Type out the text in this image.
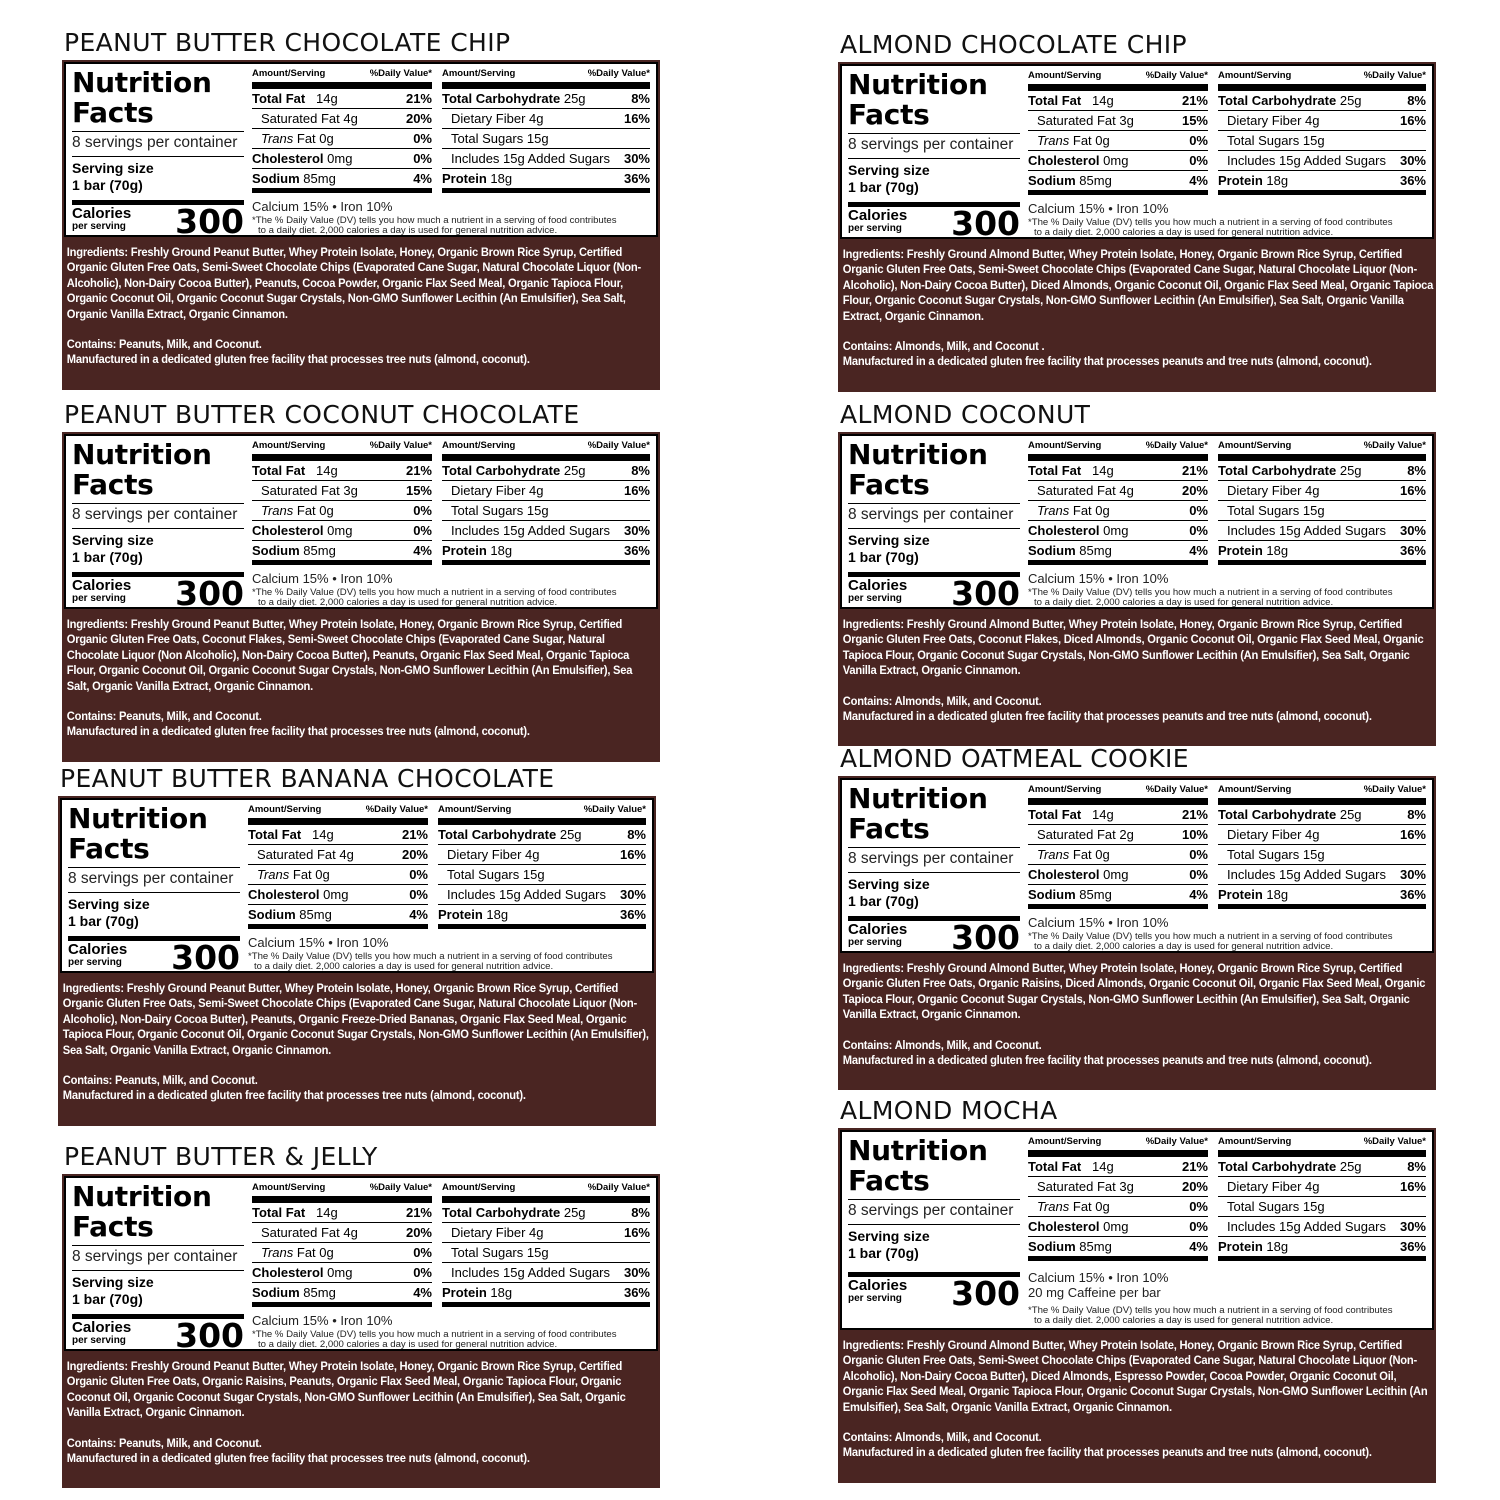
PEANUT BUTTER CHOCOLATE CHIP
Nutrition
Facts
8 servings per container
Serving size
1 bar (70g)
Calories
per serving	300
Amount/Serving	%Daily Value*
Total Fat 14g	21%
Saturated Fat 4g	20%
Trans Fat 0g	0%
Cholesterol 0mg	0%
Sodium 85mg	4%
Amount/Serving	%Daily Value*
Total Carbohydrate 25g	8%
Dietary Fiber 4g	16%
Total Sugars 15g
Includes 15g Added Sugars 30%
Protein 18g	36%
Calcium 15% • Iron 10%
*The % Daily Value (DV) tells you how much a nutrient in a serving of food contributes
to a daily diet. 2,000 calories a day is used for general nutrition advice.
Ingredients: Freshly Ground Peanut Butter, Whey Protein Isolate, Honey, Organic Brown Rice Syrup, Certified Organic Gluten Free Oats, Semi-Sweet Chocolate Chips (Evaporated Cane Sugar, Natural Chocolate Liquor (Non-Alcoholic), Non-Dairy Cocoa Butter), Peanuts, Cocoa Powder, Organic Flax Seed Meal, Organic Tapioca Flour, Organic Coconut Oil, Organic Coconut Sugar Crystals, Non-GMO Sunflower Lecithin (An Emulsifier), Sea Salt, Organic Vanilla Extract, Organic Cinnamon.
Contains: Peanuts, Milk, and Coconut.
Manufactured in a dedicated gluten free facility that processes tree nuts (almond, coconut).
ALMOND CHOCOLATE CHIP
Nutrition
Facts
8 servings per container
Serving size
1 bar (70g)
Calories
per serving	300
Amount/Serving	%Daily Value*
Total Fat 14g	21%
Saturated Fat 3g	15%
Trans Fat 0g	0%
Cholesterol 0mg	0%
Sodium 85mg	4%
Amount/Serving	%Daily Value*
Total Carbohydrate 25g	8%
Dietary Fiber 4g	16%
Total Sugars 15g
Includes 15g Added Sugars 30%
Protein 18g	36%
Calcium 15% • Iron 10%
*The % Daily Value (DV) tells you how much a nutrient in a serving of food contributes
to a daily diet. 2,000 calories a day is used for general nutrition advice.
Ingredients: Freshly Ground Almond Butter, Whey Protein Isolate, Honey, Organic Brown Rice Syrup, Certified Organic Gluten Free Oats, Semi-Sweet Chocolate Chips (Evaporated Cane Sugar, Natural Chocolate Liquor (Non-Alcoholic), Non-Dairy Cocoa Butter), Diced Almonds, Organic Coconut Oil, Organic Flax Seed Meal, Organic Tapioca Flour, Organic Coconut Sugar Crystals, Non-GMO Sunflower Lecithin (An Emulsifier), Sea Salt, Organic Vanilla Extract, Organic Cinnamon.
Contains: Almonds, Milk, and Coconut .
Manufactured in a dedicated gluten free facility that processes peanuts and tree nuts (almond, coconut).
PEANUT BUTTER COCONUT CHOCOLATE
Nutrition
Facts
8 servings per container
Serving size
1 bar (70g)
Calories
per serving	300
Amount/Serving	%Daily Value*
Total Fat 14g	21%
Saturated Fat 3g	15%
Trans Fat 0g	0%
Cholesterol 0mg	0%
Sodium 85mg	4%
Amount/Serving	%Daily Value*
Total Carbohydrate 25g	8%
Dietary Fiber 4g	16%
Total Sugars 15g
Includes 15g Added Sugars 30%
Protein 18g	36%
Calcium 15% • Iron 10%
*The % Daily Value (DV) tells you how much a nutrient in a serving of food contributes
to a daily diet. 2,000 calories a day is used for general nutrition advice.
Ingredients: Freshly Ground Peanut Butter, Whey Protein Isolate, Honey, Organic Brown Rice Syrup, Certified Organic Gluten Free Oats, Coconut Flakes, Semi-Sweet Chocolate Chips (Evaporated Cane Sugar, Natural Chocolate Liquor (Non Alcoholic), Non-Dairy Cocoa Butter), Peanuts, Organic Flax Seed Meal, Organic Tapioca Flour, Organic Coconut Oil, Organic Coconut Sugar Crystals, Non-GMO Sunflower Lecithin (An Emulsifier), Sea Salt, Organic Vanilla Extract, Organic Cinnamon.
Contains: Peanuts, Milk, and Coconut.
Manufactured in a dedicated gluten free facility that processes tree nuts (almond, coconut).
ALMOND COCONUT
Nutrition
Facts
8 servings per container
Serving size
1 bar (70g)
Calories
per serving	300
Amount/Serving	%Daily Value*
Total Fat 14g	21%
Saturated Fat 4g	20%
Trans Fat 0g	0%
Cholesterol 0mg	0%
Sodium 85mg	4%
Amount/Serving	%Daily Value*
Total Carbohydrate 25g	8%
Dietary Fiber 4g	16%
Total Sugars 15g
Includes 15g Added Sugars 30%
Protein 18g	36%
Calcium 15% • Iron 10%
*The % Daily Value (DV) tells you how much a nutrient in a serving of food contributes
to a daily diet. 2,000 calories a day is used for general nutrition advice.
Ingredients: Freshly Ground Almond Butter, Whey Protein Isolate, Honey, Organic Brown Rice Syrup, Certified Organic Gluten Free Oats, Coconut Flakes, Diced Almonds, Organic Coconut Oil, Organic Flax Seed Meal, Organic Tapioca Flour, Organic Coconut Sugar Crystals, Non-GMO Sunflower Lecithin (An Emulsifier), Sea Salt, Organic Vanilla Extract, Organic Cinnamon.
Contains: Almonds, Milk, and Coconut.
Manufactured in a dedicated gluten free facility that processes peanuts and tree nuts (almond, coconut).
PEANUT BUTTER BANANA CHOCOLATE
Nutrition
Facts
8 servings per container
Serving size
1 bar (70g)
Calories
per serving	300
Amount/Serving	%Daily Value*
Total Fat 14g	21%
Saturated Fat 4g	20%
Trans Fat 0g	0%
Cholesterol 0mg	0%
Sodium 85mg	4%
Amount/Serving	%Daily Value*
Total Carbohydrate 25g	8%
Dietary Fiber 4g	16%
Total Sugars 15g
Includes 15g Added Sugars 30%
Protein 18g	36%
Calcium 15% • Iron 10%
*The % Daily Value (DV) tells you how much a nutrient in a serving of food contributes
to a daily diet. 2,000 calories a day is used for general nutrition advice.
Ingredients: Freshly Ground Peanut Butter, Whey Protein Isolate, Honey, Organic Brown Rice Syrup, Certified Organic Gluten Free Oats, Semi-Sweet Chocolate Chips (Evaporated Cane Sugar, Natural Chocolate Liquor (Non-Alcoholic), Non-Dairy Cocoa Butter), Peanuts, Organic Freeze-Dried Bananas, Organic Flax Seed Meal, Organic Tapioca Flour, Organic Coconut Oil, Organic Coconut Sugar Crystals, Non-GMO Sunflower Lecithin (An Emulsifier), Sea Salt, Organic Vanilla Extract, Organic Cinnamon.
Contains: Peanuts, Milk, and Coconut.
Manufactured in a dedicated gluten free facility that processes tree nuts (almond, coconut).
ALMOND OATMEAL COOKIE
Nutrition
Facts
8 servings per container
Serving size
1 bar (70g)
Calories
per serving	300
Amount/Serving	%Daily Value*
Total Fat 14g	21%
Saturated Fat 2g	10%
Trans Fat 0g	0%
Cholesterol 0mg	0%
Sodium 85mg	4%
Amount/Serving	%Daily Value*
Total Carbohydrate 25g	8%
Dietary Fiber 4g	16%
Total Sugars 15g
Includes 15g Added Sugars 30%
Protein 18g	36%
Calcium 15% • Iron 10%
*The % Daily Value (DV) tells you how much a nutrient in a serving of food contributes
to a daily diet. 2,000 calories a day is used for general nutrition advice.
Ingredients: Freshly Ground Almond Butter, Whey Protein Isolate, Honey, Organic Brown Rice Syrup, Certified Organic Gluten Free Oats, Organic Raisins, Diced Almonds, Organic Coconut Oil, Organic Flax Seed Meal, Organic Tapioca Flour, Organic Coconut Sugar Crystals, Non-GMO Sunflower Lecithin (An Emulsifier), Sea Salt, Organic Vanilla Extract, Organic Cinnamon.
Contains: Almonds, Milk, and Coconut.
Manufactured in a dedicated gluten free facility that processes peanuts and tree nuts (almond, coconut).
PEANUT BUTTER & JELLY
Nutrition
Facts
8 servings per container
Serving size
1 bar (70g)
Calories
per serving	300
Amount/Serving	%Daily Value*
Total Fat 14g	21%
Saturated Fat 4g	20%
Trans Fat 0g	0%
Cholesterol 0mg	0%
Sodium 85mg	4%
Amount/Serving	%Daily Value*
Total Carbohydrate 25g	8%
Dietary Fiber 4g	16%
Total Sugars 15g
Includes 15g Added Sugars 30%
Protein 18g	36%
Calcium 15% • Iron 10%
*The % Daily Value (DV) tells you how much a nutrient in a serving of food contributes
to a daily diet. 2,000 calories a day is used for general nutrition advice.
Ingredients: Freshly Ground Peanut Butter, Whey Protein Isolate, Honey, Organic Brown Rice Syrup, Certified Organic Gluten Free Oats, Organic Raisins, Peanuts, Organic Flax Seed Meal, Organic Tapioca Flour, Organic Coconut Oil, Organic Coconut Sugar Crystals, Non-GMO Sunflower Lecithin (An Emulsifier), Sea Salt, Organic Vanilla Extract, Organic Cinnamon.
Contains: Peanuts, Milk, and Coconut.
Manufactured in a dedicated gluten free facility that processes tree nuts (almond, coconut).
ALMOND MOCHA
Nutrition
Facts
8 servings per container
Serving size
1 bar (70g)
Calories
per serving	300
Amount/Serving	%Daily Value*
Total Fat 14g	21%
Saturated Fat 3g	20%
Trans Fat 0g	0%
Cholesterol 0mg	0%
Sodium 85mg	4%
Amount/Serving	%Daily Value*
Total Carbohydrate 25g	8%
Dietary Fiber 4g	16%
Total Sugars 15g
Includes 15g Added Sugars 30%
Protein 18g	36%
Calcium 15% • Iron 10%
20 mg Caffeine per bar
*The % Daily Value (DV) tells you how much a nutrient in a serving of food contributes
to a daily diet. 2,000 calories a day is used for general nutrition advice.
Ingredients: Freshly Ground Almond Butter, Whey Protein Isolate, Honey, Organic Brown Rice Syrup, Certified Organic Gluten Free Oats, Semi-Sweet Chocolate Chips (Evaporated Cane Sugar, Natural Chocolate Liquor (Non-Alcoholic), Non-Dairy Cocoa Butter), Diced Almonds, Espresso Powder, Cocoa Powder, Organic Coconut Oil, Organic Flax Seed Meal, Organic Tapioca Flour, Organic Coconut Sugar Crystals, Non-GMO Sunflower Lecithin (An Emulsifier), Sea Salt, Organic Vanilla Extract, Organic Cinnamon.
Contains: Almonds, Milk, and Coconut.
Manufactured in a dedicated gluten free facility that processes peanuts and tree nuts (almond, coconut).
